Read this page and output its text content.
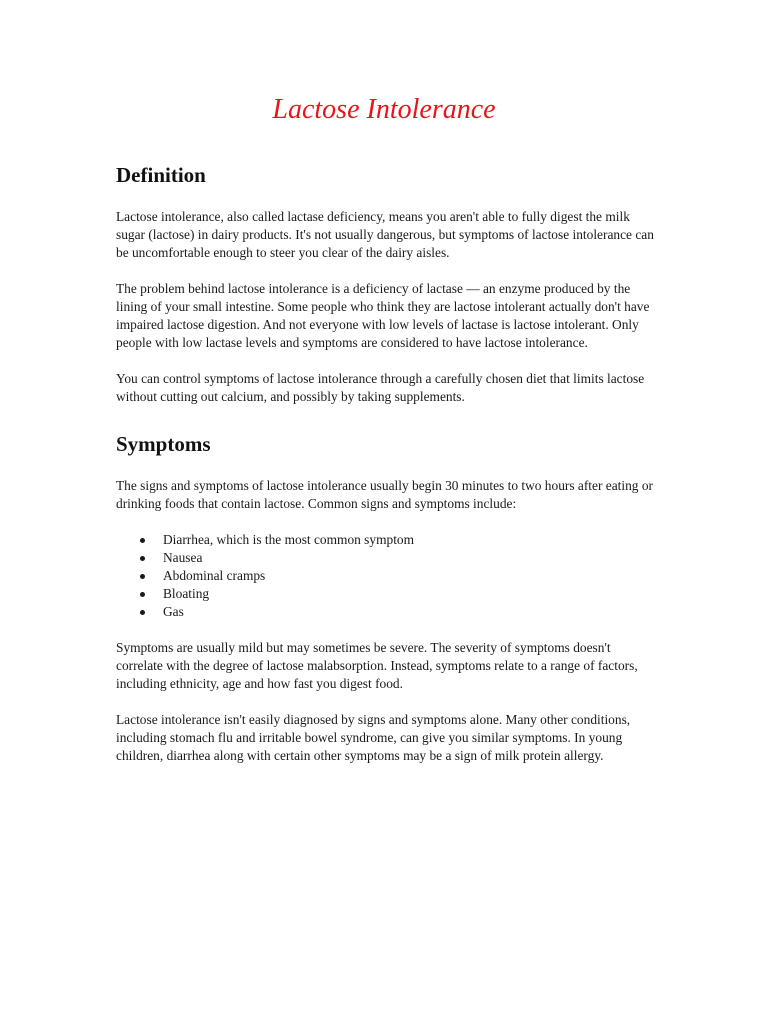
Lactose Intolerance
Definition

Lactose intolerance, also called lactase deficiency, means you aren't able to fully digest the milk sugar (lactose) in dairy products. It's not usually dangerous, but symptoms of lactose intolerance can be uncomfortable enough to steer you clear of the dairy aisles.

The problem behind lactose intolerance is a deficiency of lactase — an enzyme produced by the lining of your small intestine. Some people who think they are lactose intolerant actually don't have impaired lactose digestion. And not everyone with low levels of lactase is lactose intolerant. Only people with low lactase levels and symptoms are considered to have lactose intolerance.

You can control symptoms of lactose intolerance through a carefully chosen diet that limits lactose without cutting out calcium, and possibly by taking supplements.

Symptoms

The signs and symptoms of lactose intolerance usually begin 30 minutes to two hours after eating or drinking foods that contain lactose. Common signs and symptoms include:

Diarrhea, which is the most common symptom
Nausea
Abdominal cramps
Bloating
Gas

Symptoms are usually mild but may sometimes be severe. The severity of symptoms doesn't correlate with the degree of lactose malabsorption. Instead, symptoms relate to a range of factors, including ethnicity, age and how fast you digest food.

Lactose intolerance isn't easily diagnosed by signs and symptoms alone. Many other conditions, including stomach flu and irritable bowel syndrome, can give you similar symptoms. In young children, diarrhea along with certain other symptoms may be a sign of milk protein allergy.
